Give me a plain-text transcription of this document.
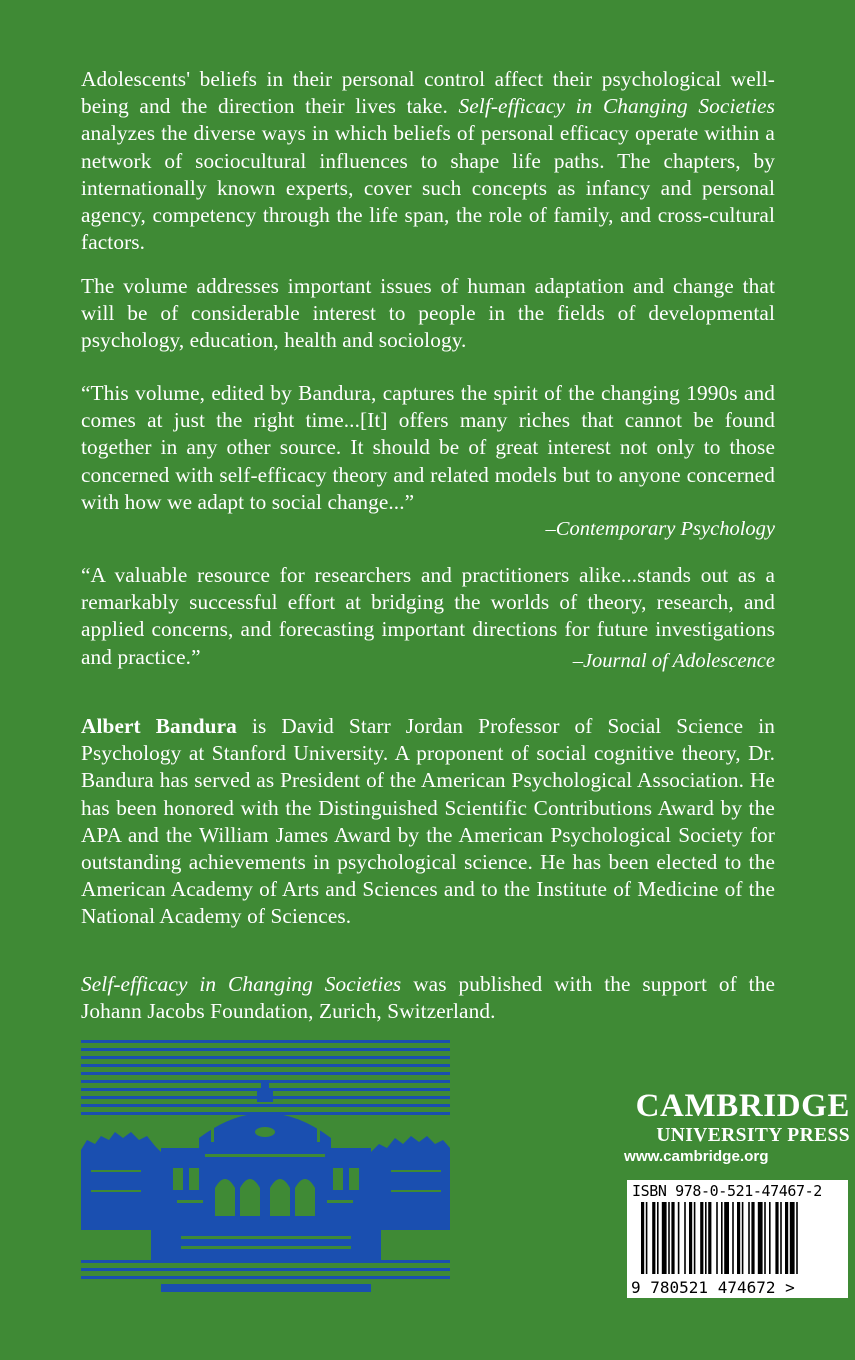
Adolescents' beliefs in their personal control affect their psychological well-being and the direction their lives take. Self-efficacy in Changing Societies analyzes the diverse ways in which beliefs of personal efficacy operate within a network of sociocultural influences to shape life paths. The chapters, by internationally known experts, cover such concepts as infancy and personal agency, competency through the life span, the role of family, and cross-cultural factors.

The volume addresses important issues of human adaptation and change that will be of considerable interest to people in the fields of developmental psychology, education, health and sociology.

“This volume, edited by Bandura, captures the spirit of the changing 1990s and comes at just the right time...[It] offers many riches that cannot be found together in any other source. It should be of great interest not only to those concerned with self-efficacy theory and related models but to anyone concerned with how we adapt to social change...”

–Contemporary Psychology

“A valuable resource for researchers and practitioners alike...stands out as a remarkably successful effort at bridging the worlds of theory, research, and applied concerns, and forecasting important directions for future investigations and practice.”	–Journal of Adolescence

Albert Bandura is David Starr Jordan Professor of Social Science in Psychology at Stanford University. A proponent of social cognitive theory, Dr. Bandura has served as President of the American Psychological Association. He has been honored with the Distinguished Scientific Contributions Award by the APA and the William James Award by the American Psychological Society for outstanding achievements in psychological science. He has been elected to the American Academy of Arts and Sciences and to the Institute of Medicine of the National Academy of Sciences.

Self-efficacy in Changing Societies was published with the support of the Johann Jacobs Foundation, Zurich, Switzerland.

CAMBRIDGE
UNIVERSITY PRESS
www.cambridge.org
9 780521 474672 >
ISBN 978-0-521-47467-2
